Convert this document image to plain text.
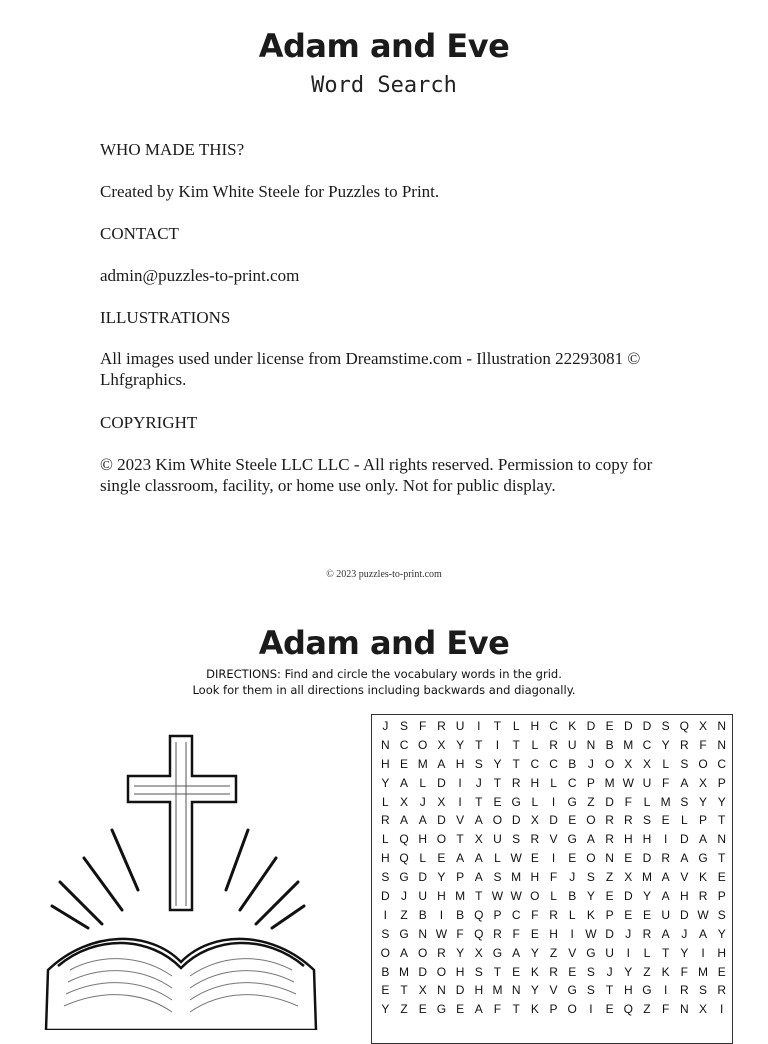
Adam and Eve
Word Search

WHO MADE THIS?

Created by Kim White Steele for Puzzles to Print.

CONTACT

admin@puzzles-to-print.com

ILLUSTRATIONS

All images used under license from Dreamstime.com - Illustration 22293081 © Lhfgraphics.

COPYRIGHT

© 2023 Kim White Steele LLC LLC - All rights reserved. Permission to copy for single classroom, facility, or home use only. Not for public display.

© 2023 puzzles-to-print.com
Adam and Eve
DIRECTIONS: Find and circle the vocabulary words in the grid.
Look for them in all directions including backwards and diagonally.
J S F R U	I	T L H C K D E D D S Q X N
N C O X Y T	I	T L R U N B M C Y R F N
H E M A H S Y T C C B J O X X L S O C
Y A L D	I	J	T R H L C P M W U F A X P
L X J X	I	T E G L	I	G Z D F L M S Y Y
R A A D V A O D X D E O R R S E L P T
L Q H O T X U S R V G A R H H	I	D A N
H Q L E A A L W E	I	E O N E D R A G T
S G D Y P A S M H F	J S Z X M A V K E
D J U H M T W W O L B Y E D Y A H R P
I	Z B	I	B Q P C F R L K P E E U D W S
S G N W F Q R F E H	I W D J R A J A Y
O A O R Y X G A Y Z V G U	I	L T Y	I	H
B M D O H S T E K R E S J Y Z K F M E
E T X N D H M N Y V G S T H G	I	R S R
Y Z E G E A F T K P O	I	E Q Z F N X	I
